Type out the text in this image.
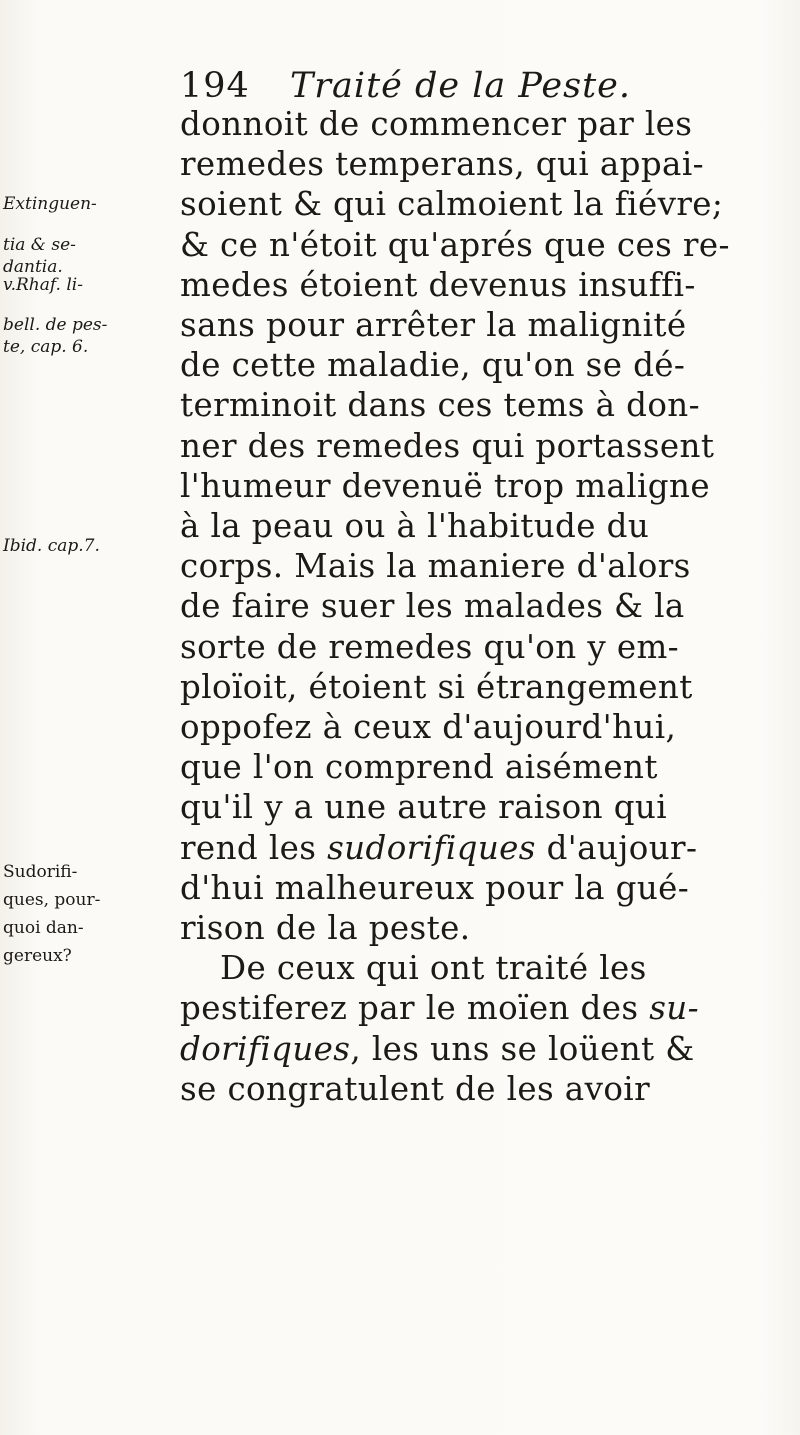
194 Traité de la Peste.
donnoit de commencer par les
remedes temperans, qui appai-
soient & qui calmoient la fiévre;
& ce n'étoit qu'aprés que ces re-
medes étoient devenus insuffi-
sans pour arrêter la malignité
de cette maladie, qu'on se dé-
terminoit dans ces tems à don-
ner des remedes qui portassent
l'humeur devenuë trop maligne
à la peau ou à l'habitude du
corps. Mais la maniere d'alors
de faire suer les malades & la
sorte de remedes qu'on y em-
ploïoit, étoient si étrangement
oppofez à ceux d'aujourd'hui,
que l'on comprend aisément
qu'il y a une autre raison qui
rend les sudorifiques d'aujour-
d'hui malheureux pour la gué-
rison de la peste.
De ceux qui ont traité les
pestiferez par le moïen des su-
dorifiques, les uns se loüent &
se congratulent de les avoir
Extinguen-
tia & se-
dantia.
v.Rhaf. li-
bell. de pes-
te, cap. 6.
Ibid. cap.7.
Sudorifi-
ques, pour-
quoi dan-
gereux?
